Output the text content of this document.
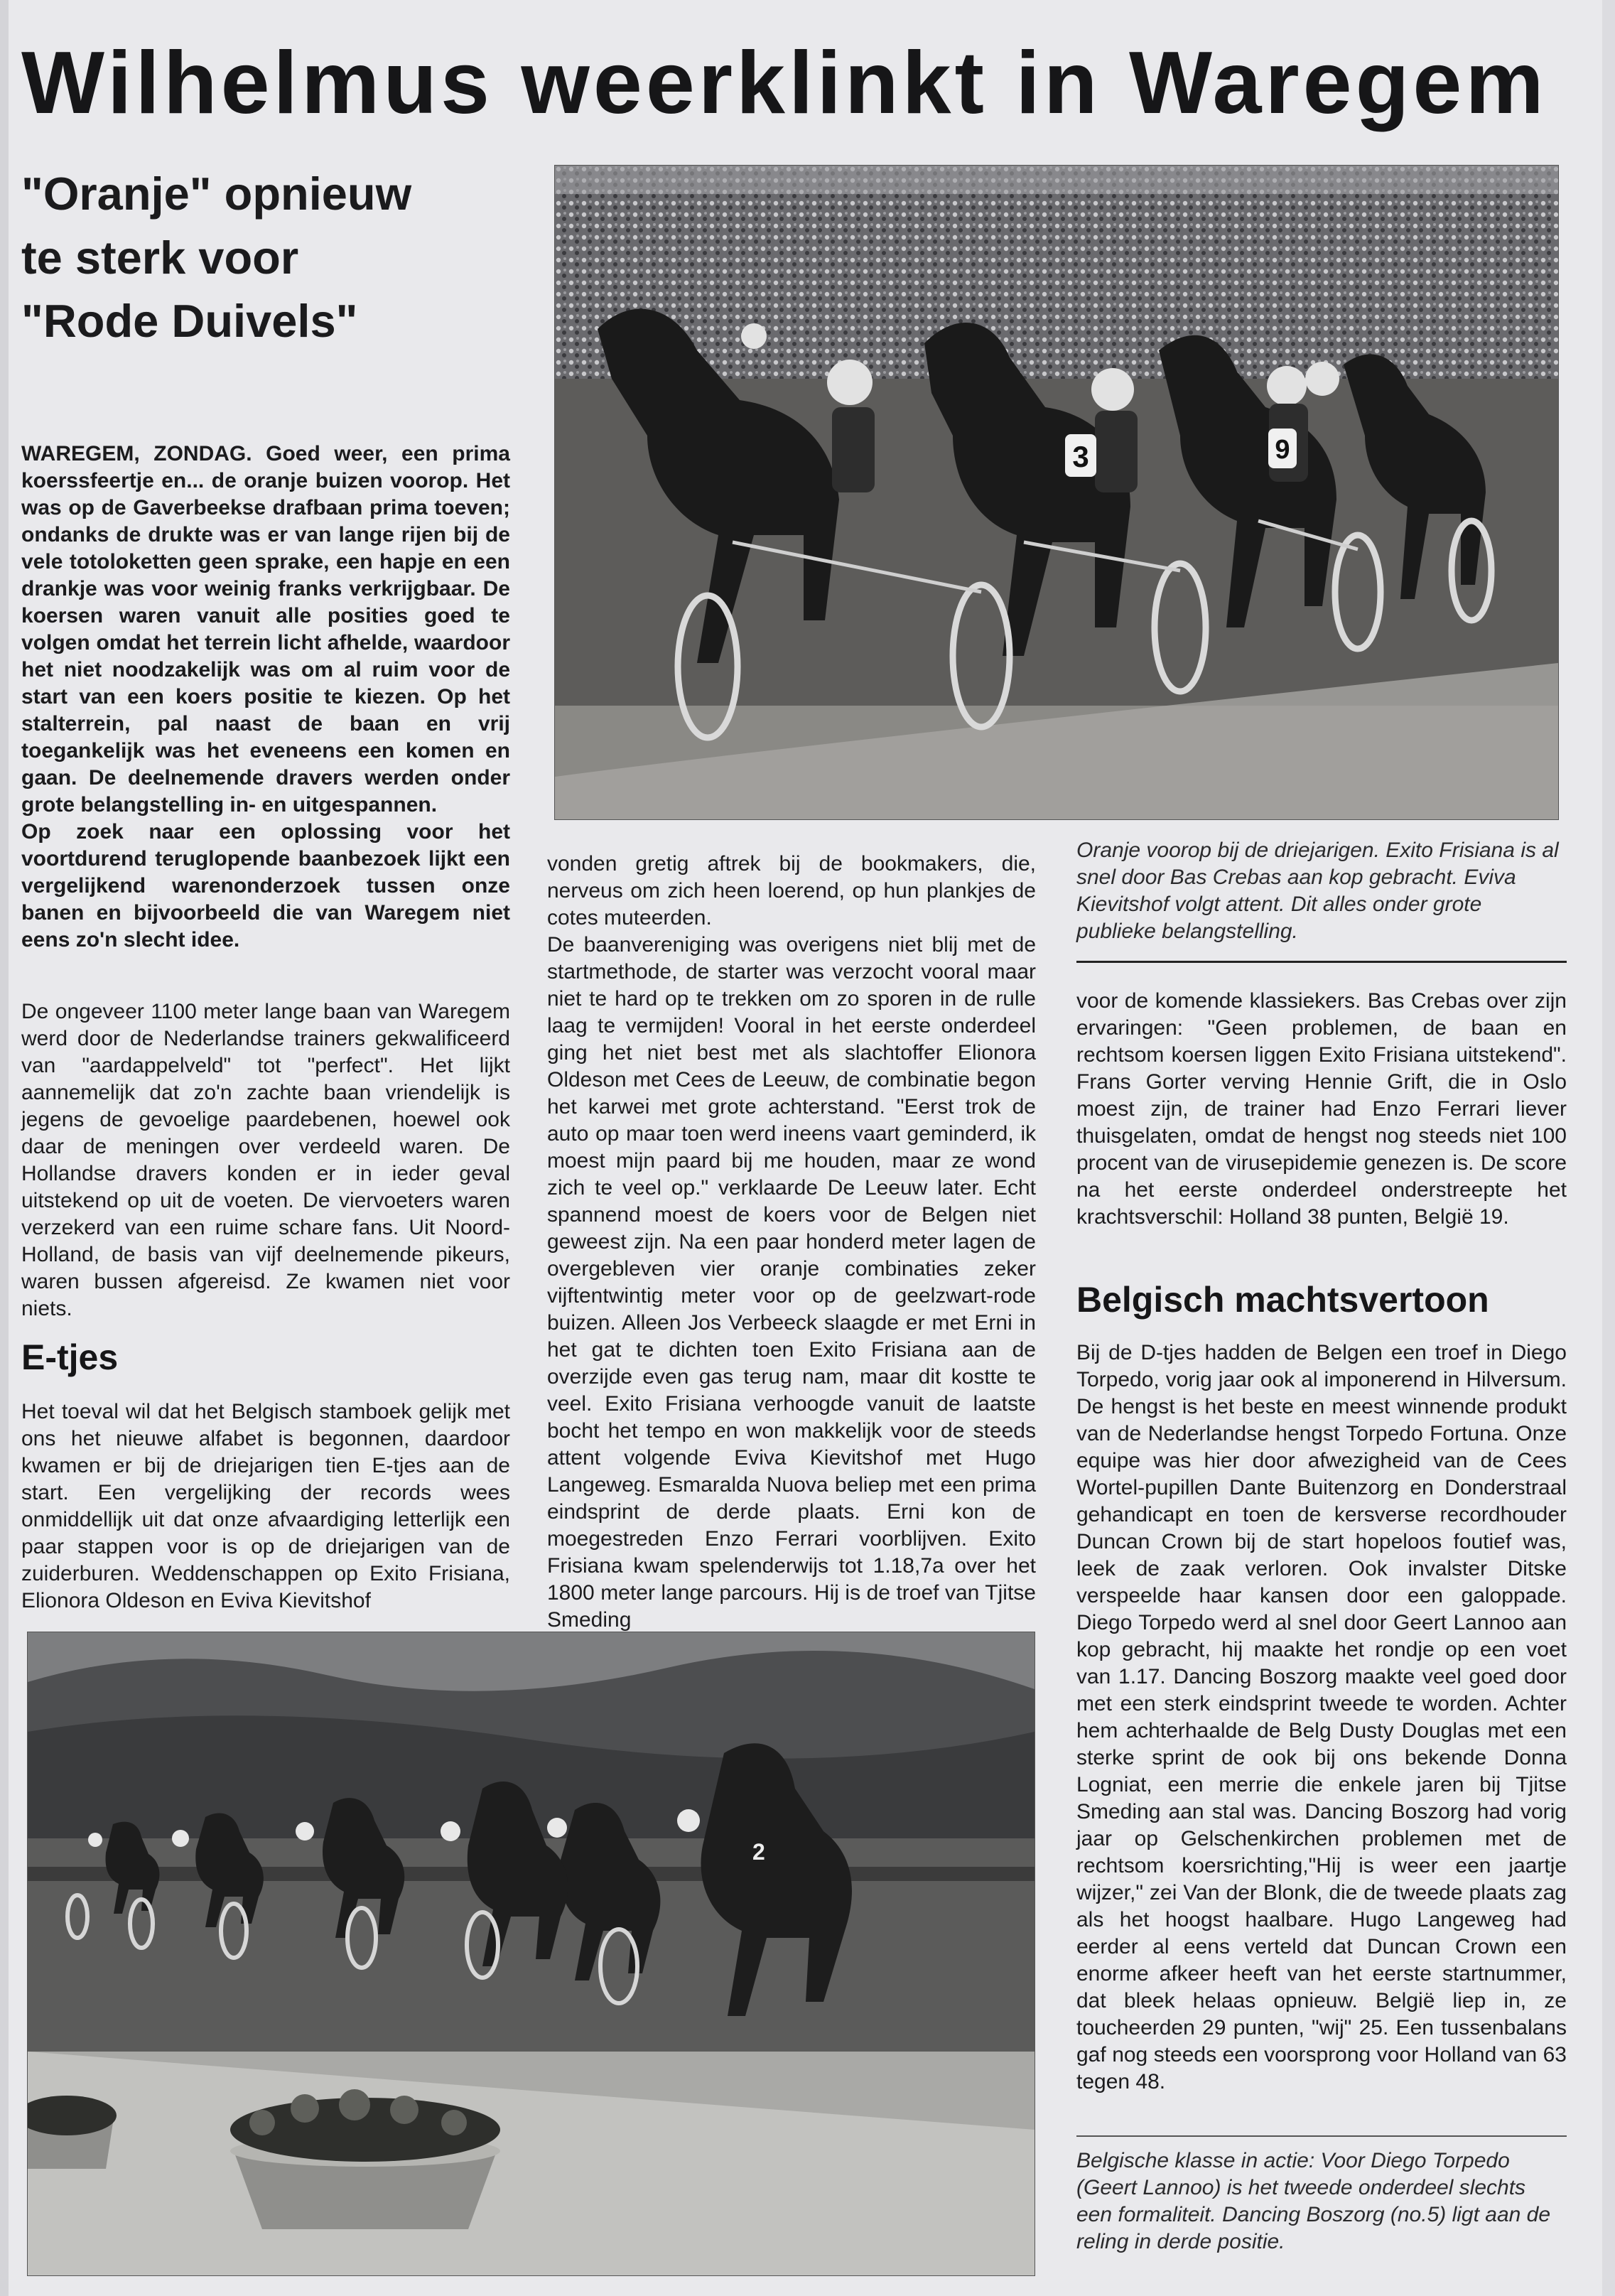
Wilhelmus weerklinkt in Waregem
"Oranje" opnieuw
te sterk voor
"Rode Duivels"
3	9

WAREGEM, ZONDAG. Goed weer, een prima koerssfeertje en... de oranje buizen voorop. Het was op de Gaverbeekse drafbaan prima toeven; ondanks de drukte was er van lange rijen bij de vele totoloketten geen sprake, een hapje en een drankje was voor weinig franks verkrijgbaar. De koersen waren vanuit alle posities goed te volgen omdat het terrein licht afhelde, waardoor het niet noodzakelijk was om al ruim voor de start van een koers positie te kiezen. Op het stalterrein, pal naast de baan en vrij toegankelijk was het eveneens een komen en gaan. De deelnemende dravers werden onder grote belangstelling in- en uitgespannen.

Op zoek naar een oplossing voor het voortdurend teruglopende baanbezoek lijkt een vergelijkend warenonderzoek tussen onze banen en bijvoorbeeld die van Waregem niet eens zo'n slecht idee.

De ongeveer 1100 meter lange baan van Waregem werd door de Nederlandse trainers gekwalificeerd van "aardappelveld" tot "perfect". Het lijkt aannemelijk dat zo'n zachte baan vriendelijk is jegens de gevoelige paardebenen, hoewel ook daar de meningen over verdeeld waren. De Hollandse dravers konden er in ieder geval uitstekend op uit de voeten. De viervoeters waren verzekerd van een ruime schare fans. Uit Noord-Holland, de basis van vijf deelnemende pikeurs, waren bussen afgereisd. Ze kwamen niet voor niets.

E-tjes

Het toeval wil dat het Belgisch stamboek gelijk met ons het nieuwe alfabet is begonnen, daardoor kwamen er bij de driejarigen tien E-tjes aan de start. Een vergelijking der records wees onmiddellijk uit dat onze afvaardiging letterlijk een paar stappen voor is op de driejarigen van de zuiderburen. Weddenschappen op Exito Frisiana, Elionora Oldeson en Eviva Kievitshof

vonden gretig aftrek bij de bookmakers, die, nerveus om zich heen loerend, op hun plankjes de cotes muteerden.

De baanvereniging was overigens niet blij met de startmethode, de starter was verzocht vooral maar niet te hard op te trekken om zo sporen in de rulle laag te vermijden! Vooral in het eerste onderdeel ging het niet best met als slachtoffer Elionora Oldeson met Cees de Leeuw, de combinatie begon het karwei met grote achterstand. "Eerst trok de auto op maar toen werd ineens vaart geminderd, ik moest mijn paard bij me houden, maar ze wond zich te veel op." verklaarde De Leeuw later. Echt spannend moest de koers voor de Belgen niet geweest zijn. Na een paar honderd meter lagen de overgebleven vier oranje combinaties zeker vijftentwintig meter voor op de geelzwart-rode buizen. Alleen Jos Verbeeck slaagde er met Erni in het gat te dichten toen Exito Frisiana aan de overzijde even gas terug nam, maar dit kostte te veel. Exito Frisiana verhoogde vanuit de laatste bocht het tempo en won makkelijk voor de steeds attent volgende Eviva Kievitshof met Hugo Langeweg. Esmaralda Nuova beliep met een prima eindsprint de derde plaats. Erni kon de moegestreden Enzo Ferrari voorblijven. Exito Frisiana kwam spelenderwijs tot 1.18,7a over het 1800 meter lange parcours. Hij is de troef van Tjitse Smeding

Oranje voorop bij de driejarigen. Exito Frisiana is al snel door Bas Crebas aan kop gebracht. Eviva Kievitshof volgt attent. Dit alles onder grote publieke belangstelling.

voor de komende klassiekers. Bas Crebas over zijn ervaringen: "Geen problemen, de baan en rechtsom koersen liggen Exito Frisiana uitstekend". Frans Gorter verving Hennie Grift, die in Oslo moest zijn, de trainer had Enzo Ferrari liever thuisgelaten, omdat de hengst nog steeds niet 100 procent van de virusepidemie genezen is. De score na het eerste onderdeel onderstreepte het krachtsverschil: Holland 38 punten, België 19.

Belgisch machtsvertoon

Bij de D-tjes hadden de Belgen een troef in Diego Torpedo, vorig jaar ook al imponerend in Hilversum. De hengst is het beste en meest winnende produkt van de Nederlandse hengst Torpedo Fortuna. Onze equipe was hier door afwezigheid van de Cees Wortel-pupillen Dante Buitenzorg en Donderstraal gehandicapt en toen de kersverse recordhouder Duncan Crown bij de start hopeloos foutief was, leek de zaak verloren. Ook invalster Ditske verspeelde haar kansen door een galoppade. Diego Torpedo werd al snel door Geert Lannoo aan kop gebracht, hij maakte het rondje op een voet van 1.17. Dancing Boszorg maakte veel goed door met een sterk eindsprint tweede te worden. Achter hem achterhaalde de Belg Dusty Douglas met een sterke sprint de ook bij ons bekende Donna Logniat, een merrie die enkele jaren bij Tjitse Smeding aan stal was. Dancing Boszorg had vorig jaar op Gelschenkirchen problemen met de rechtsom koersrichting,"Hij is weer een jaartje wijzer," zei Van der Blonk, die de tweede plaats zag als het hoogst haalbare. Hugo Langeweg had eerder al eens verteld dat Duncan Crown een enorme afkeer heeft van het eerste startnummer, dat bleek helaas opnieuw. België liep in, ze toucheerden 29 punten, "wij" 25. Een tussenbalans gaf nog steeds een voorsprong voor Holland van 63 tegen 48.

Belgische klasse in actie: Voor Diego Torpedo (Geert Lannoo) is het tweede onderdeel slechts een formaliteit. Dancing Boszorg (no.5) ligt aan de reling in derde positie.

2
